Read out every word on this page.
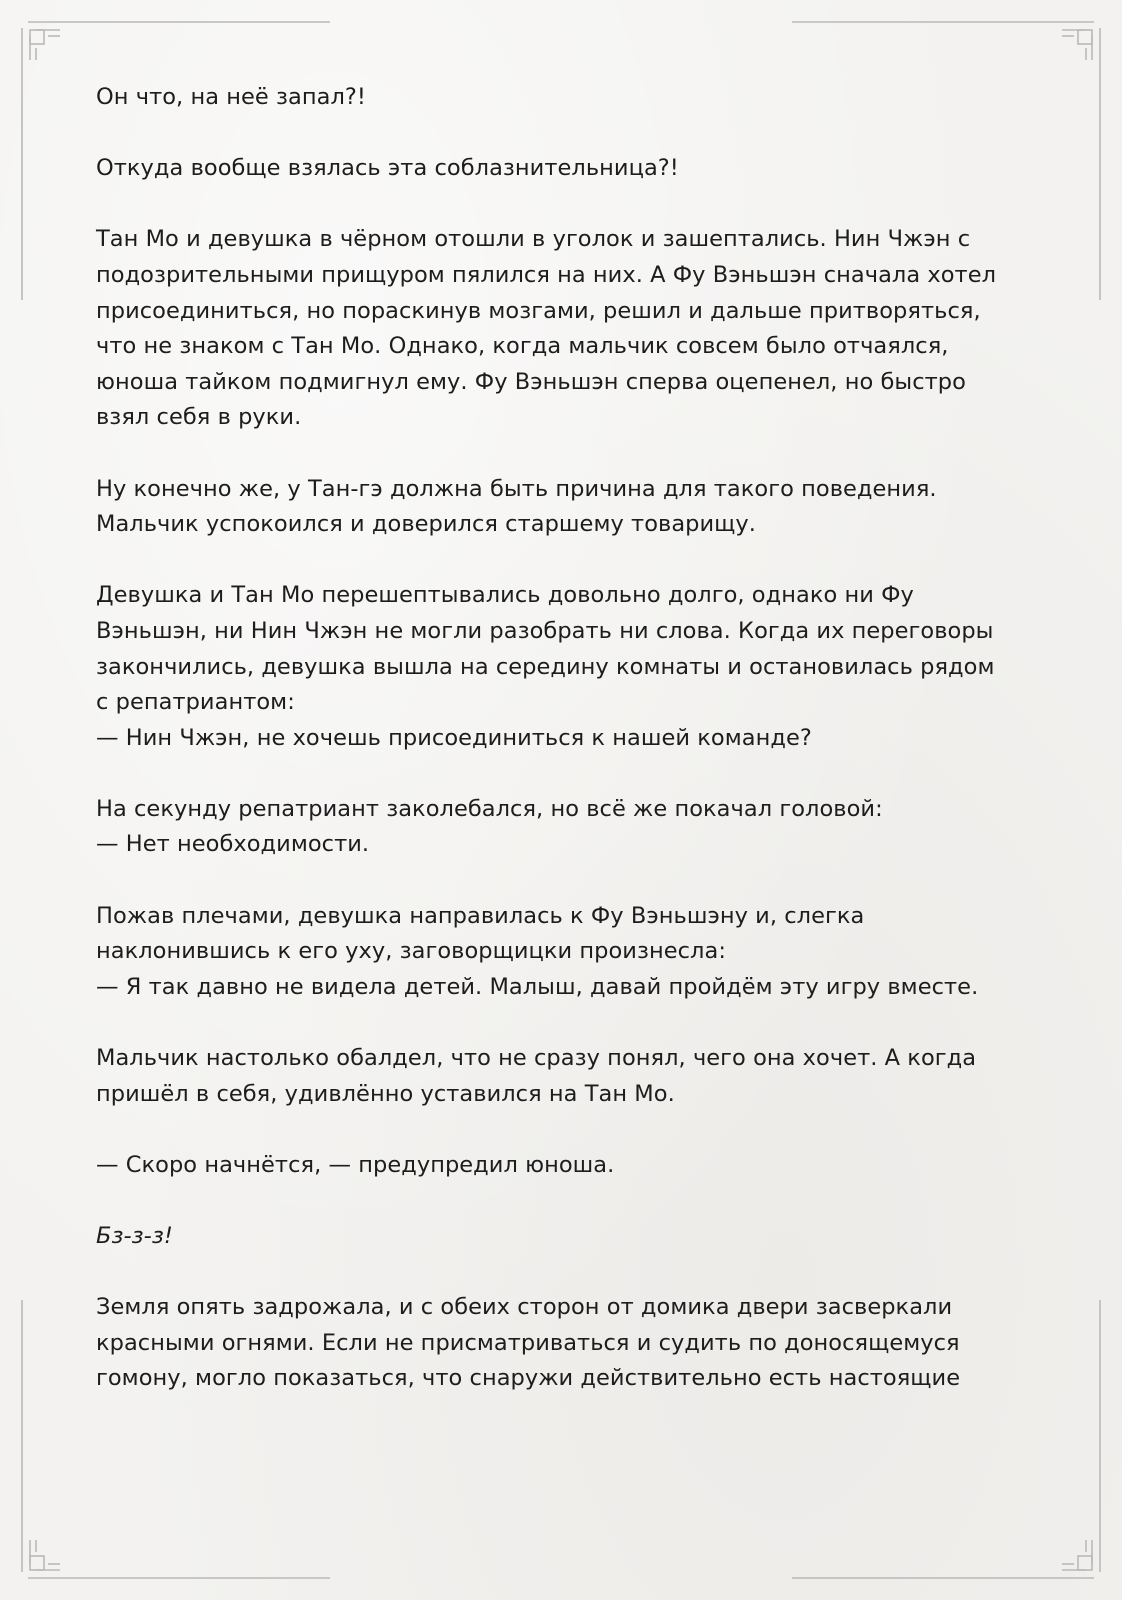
Он что, на неё запал?!

Откуда вообще взялась эта соблазнительница?!

Тан Мо и девушка в чёрном отошли в уголок и зашептались. Нин Чжэн с
подозрительными прищуром пялился на них. А Фу Вэньшэн сначала хотел
присоединиться, но пораскинув мозгами, решил и дальше притворяться,
что не знаком с Тан Мо. Однако, когда мальчик совсем было отчаялся,
юноша тайком подмигнул ему. Фу Вэньшэн сперва оцепенел, но быстро
взял себя в руки.

Ну конечно же, у Тан-гэ должна быть причина для такого поведения.
Мальчик успокоился и доверился старшему товарищу.

Девушка и Тан Мо перешептывались довольно долго, однако ни Фу
Вэньшэн, ни Нин Чжэн не могли разобрать ни слова. Когда их переговоры
закончились, девушка вышла на середину комнаты и остановилась рядом
с репатриантом:
— Нин Чжэн, не хочешь присоединиться к нашей команде?

На секунду репатриант заколебался, но всё же покачал головой:
— Нет необходимости.

Пожав плечами, девушка направилась к Фу Вэньшэну и, слегка
наклонившись к его уху, заговорщицки произнесла:
— Я так давно не видела детей. Малыш, давай пройдём эту игру вместе.

Мальчик настолько обалдел, что не сразу понял, чего она хочет. А когда
пришёл в себя, удивлённо уставился на Тан Мо.

— Скоро начнётся, — предупредил юноша.

Бз-з-з!

Земля опять задрожала, и с обеих сторон от домика двери засверкали
красными огнями. Если не присматриваться и судить по доносящемуся
гомону, могло показаться, что снаружи действительно есть настоящие
